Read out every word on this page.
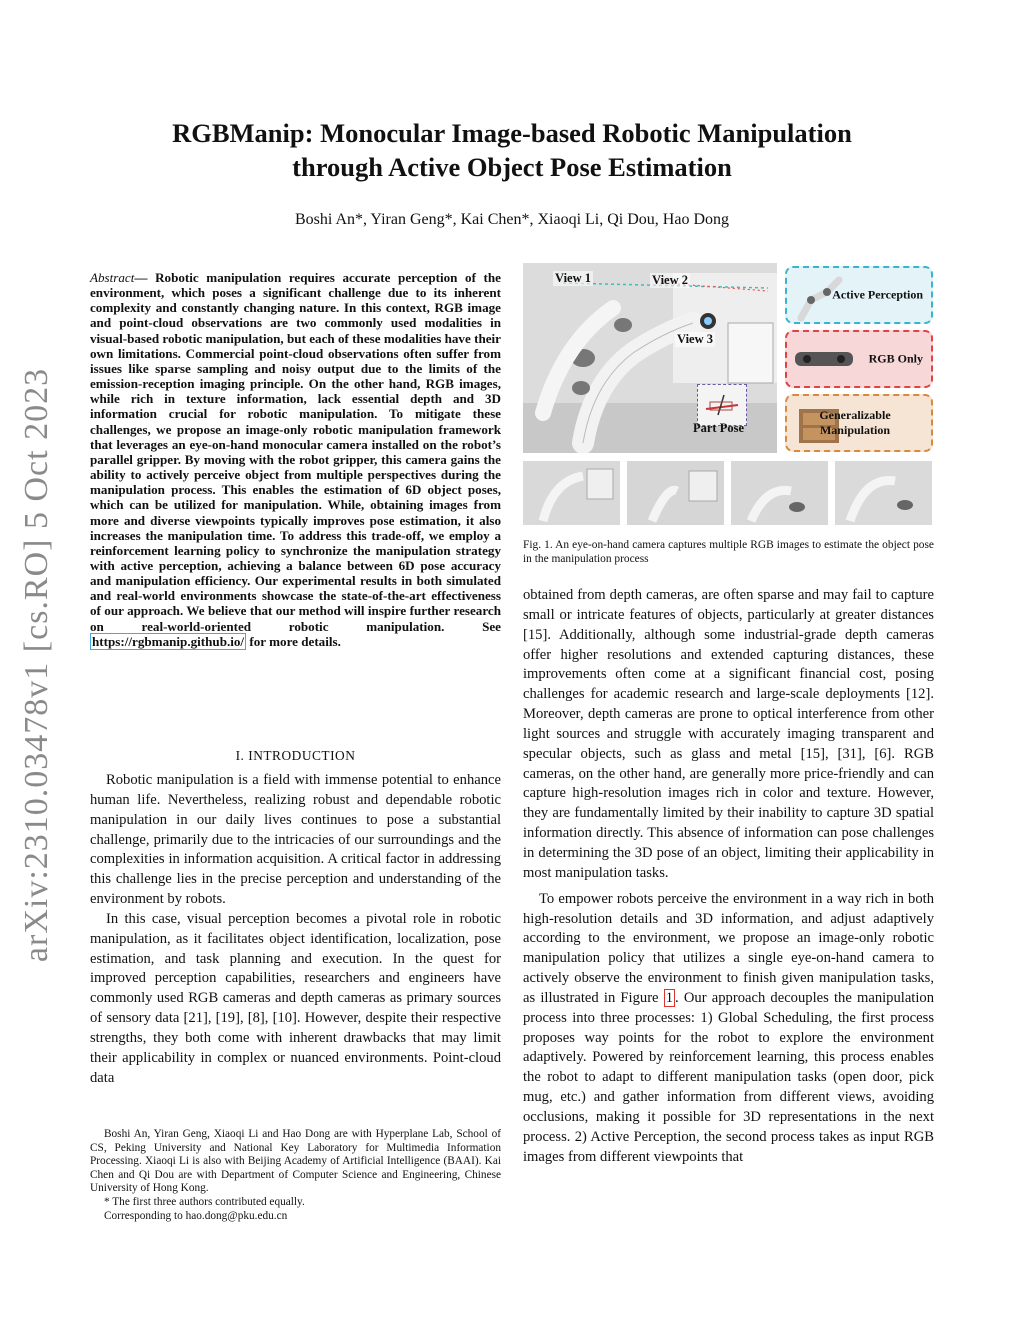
arXiv:2310.03478v1 [cs.RO] 5 Oct 2023
RGBManip: Monocular Image-based Robotic Manipulation
through Active Object Pose Estimation
Boshi An*, Yiran Geng*, Kai Chen*, Xiaoqi Li, Qi Dou, Hao Dong
Abstract— Robotic manipulation requires accurate perception of the environment, which poses a significant challenge due to its inherent complexity and constantly changing nature. In this context, RGB image and point-cloud observations are two commonly used modalities in visual-based robotic manipulation, but each of these modalities have their own limitations. Commercial point-cloud observations often suffer from issues like sparse sampling and noisy output due to the limits of the emission-reception imaging principle. On the other hand, RGB images, while rich in texture information, lack essential depth and 3D information crucial for robotic manipulation. To mitigate these challenges, we propose an image-only robotic manipulation framework that leverages an eye-on-hand monocular camera installed on the robot’s parallel gripper. By moving with the robot gripper, this camera gains the ability to actively perceive object from multiple perspectives during the manipulation process. This enables the estimation of 6D object poses, which can be utilized for manipulation. While, obtaining images from more and diverse viewpoints typically improves pose estimation, it also increases the manipulation time. To address this trade-off, we employ a reinforcement learning policy to synchronize the manipulation strategy with active perception, achieving a balance between 6D pose accuracy and manipulation efficiency. Our experimental results in both simulated and real-world environments showcase the state-of-the-art effectiveness of our approach. We believe that our method will inspire further research on real-world-oriented robotic manipulation. See https://rgbmanip.github.io/ for more details.
I. INTRODUCTION

Robotic manipulation is a field with immense potential to enhance human life. Nevertheless, realizing robust and dependable robotic manipulation in our daily lives continues to pose a substantial challenge, primarily due to the intricacies of our surroundings and the complexities in information acquisition. A critical factor in addressing this challenge lies in the precise perception and understanding of the environment by robots.

In this case, visual perception becomes a pivotal role in robotic manipulation, as it facilitates object identification, localization, pose estimation, and task planning and execution. In the quest for improved perception capabilities, researchers and engineers have commonly used RGB cameras and depth cameras as primary sources of sensory data [21], [19], [8], [10]. However, despite their respective strengths, they both come with inherent drawbacks that may limit their applicability in complex or nuanced environments. Point-cloud data

Boshi An, Yiran Geng, Xiaoqi Li and Hao Dong are with Hyperplane Lab, School of CS, Peking University and National Key Laboratory for Multimedia Information Processing. Xiaoqi Li is also with Beijing Academy of Artificial Intelligence (BAAI). Kai Chen and Qi Dou are with Department of Computer Science and Engineering, Chinese University of Hong Kong.

* The first three authors contributed equally.

Corresponding to hao.dong@pku.edu.cn

View 1	View 2
View 3
Part Pose
Active Perception
RGB Only
Generalizable Manipulation
Fig. 1. An eye-on-hand camera captures multiple RGB images to estimate the object pose in the manipulation process

obtained from depth cameras, are often sparse and may fail to capture small or intricate features of objects, particularly at greater distances [15]. Additionally, although some industrial-grade depth cameras offer higher resolutions and extended capturing distances, these improvements often come at a significant financial cost, posing challenges for academic research and large-scale deployments [12]. Moreover, depth cameras are prone to optical interference from other light sources and struggle with accurately imaging transparent and specular objects, such as glass and metal [15], [31], [6]. RGB cameras, on the other hand, are generally more price-friendly and can capture high-resolution images rich in color and texture. However, they are fundamentally limited by their inability to capture 3D spatial information directly. This absence of information can pose challenges in determining the 3D pose of an object, limiting their applicability in most manipulation tasks.

To empower robots perceive the environment in a way rich in both high-resolution details and 3D information, and adjust adaptively according to the environment, we propose an image-only robotic manipulation policy that utilizes a single eye-on-hand camera to actively observe the environment to finish given manipulation tasks, as illustrated in Figure 1 . Our approach decouples the manipulation process into three processes: 1) Global Scheduling, the first process proposes way points for the robot to explore the environment adaptively. Powered by reinforcement learning, this process enables the robot to adapt to different manipulation tasks (open door, pick mug, etc.) and gather information from different views, avoiding occlusions, making it possible for 3D representations in the next process. 2) Active Perception, the second process takes as input RGB images from different viewpoints that
